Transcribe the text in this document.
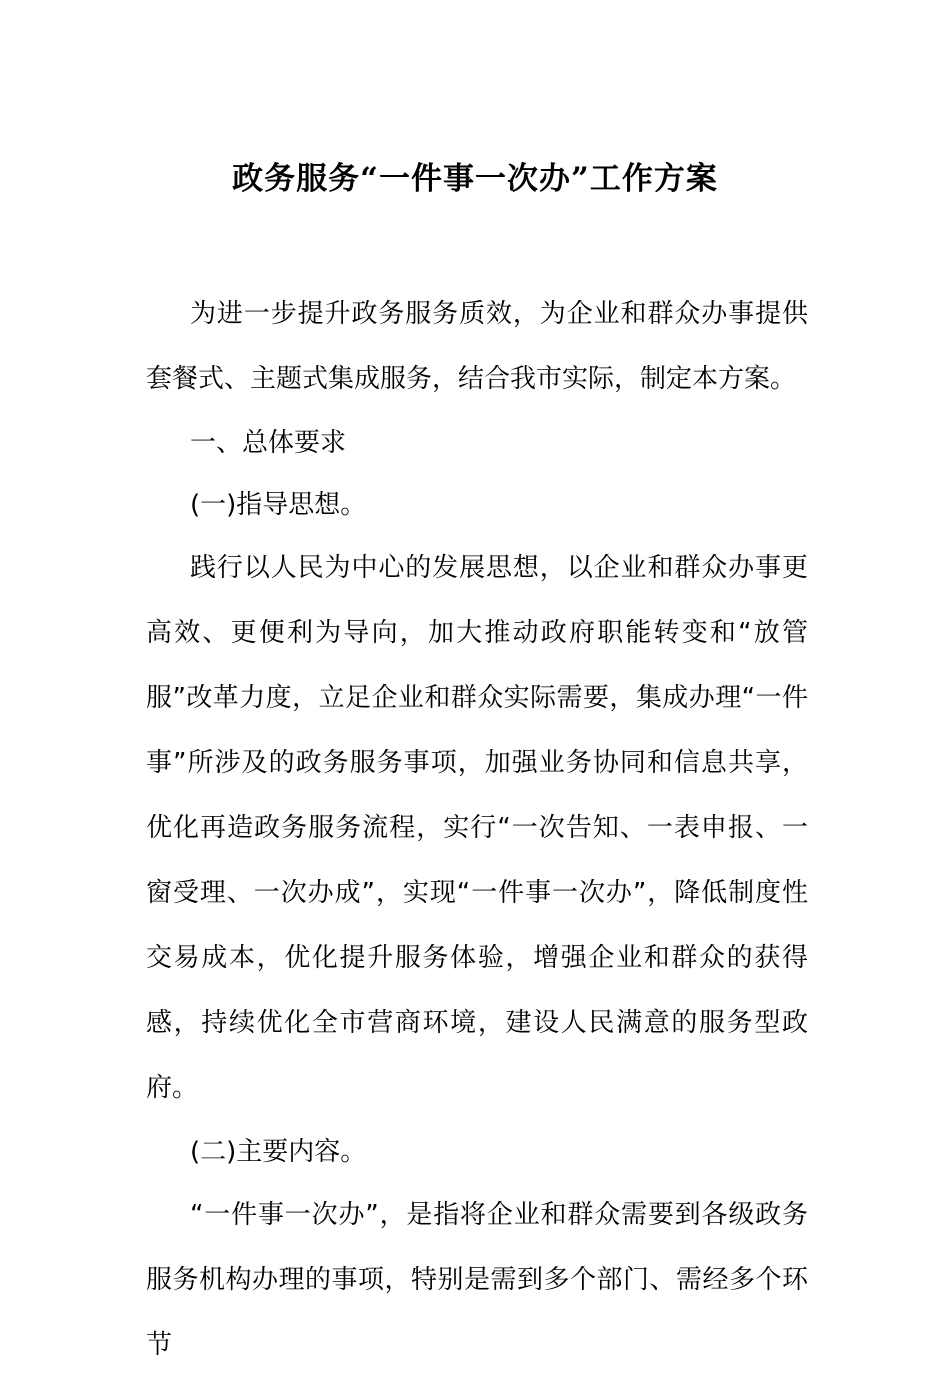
政务服务“一件事一次办”工作方案

为进一步提升政务服务质效，为企业和群众办事提供套餐式、主题式集成服务，结合我市实际，制定本方案。

一、总体要求

(一)指导思想。

践行以人民为中心的发展思想，以企业和群众办事更高效、更便利为导向，加大推动政府职能转变和“放管服”改革力度，立足企业和群众实际需要，集成办理“一件事”所涉及的政务服务事项，加强业务协同和信息共享，优化再造政务服务流程，实行“一次告知、一表申报、一窗受理、一次办成”，实现“一件事一次办”，降低制度性交易成本，优化提升服务体验，增强企业和群众的获得感，持续优化全市营商环境，建设人民满意的服务型政府。

(二)主要内容。

“一件事一次办”，是指将企业和群众需要到各级政务服务机构办理的事项，特别是需到多个部门、需经多个环节
